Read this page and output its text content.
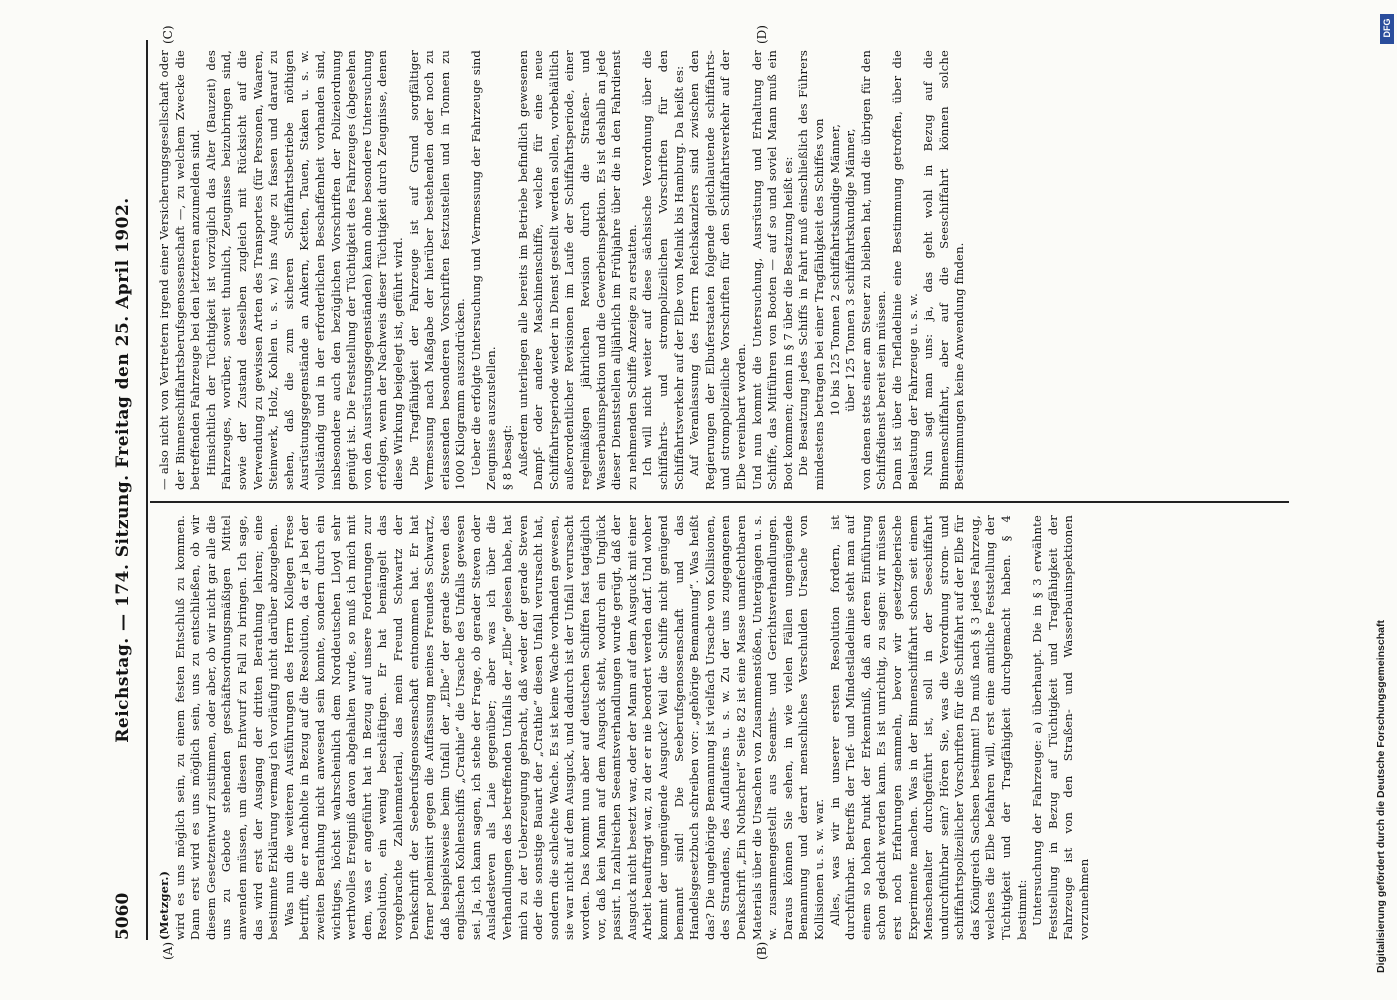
5060
Reichstag. — 174. Sitzung. Freitag den 25. April 1902.
(A)	(B)
(C)	(D)

(Metzger.) wird es uns möglich sein, zu einem festen Entschluß zu kommen. Dann erst wird es uns möglich sein, uns zu entschließen, ob wir diesem Gesetzentwurf zustimmen, oder aber, ob wir nicht gar alle die uns zu Gebote stehenden geschäftsordnungsmäßigen Mittel anwenden müssen, um diesen Entwurf zu Fall zu bringen. Ich sage, das wird erst der Ausgang der dritten Berathung lehren; eine bestimmte Erklärung vermag ich vorläufig nicht darüber abzugeben. Was nun die weiteren Ausführungen des Herrn Kollegen Frese betrifft, die er nachholte in Bezug auf die Resolution, da er ja bei der zweiten Berathung nicht anwesend sein konnte, sondern durch ein wichtiges, höchst wahrscheinlich dem Norddeutschen Lloyd sehr werthvolles Ereigniß davon abgehalten wurde, so muß ich mich mit dem, was er angeführt hat in Bezug auf unsere Forderungen zur Resolution, ein wenig beschäftigen. Er hat bemängelt das vorgebrachte Zahlenmaterial, das mein Freund Schwartz der Denkschrift der Seeberufsgenossenschaft entnommen hat. Er hat ferner polemisirt gegen die Auffassung meines Freundes Schwartz, daß beispielsweise beim Unfall der „Elbe“ der gerade Steven des englischen Kohlenschiffs „Crathie“ die Ursache des Unfalls gewesen sei. Ja, ich kann sagen, ich stehe der Frage, ob gerader Steven oder Ausladesteven als Laie gegenüber; aber was ich über die Verhandlungen des betreffenden Unfalls der „Elbe“ gelesen habe, hat mich zu der Ueberzeugung gebracht, daß weder der gerade Steven oder die sonstige Bauart der „Crathie“ diesen Unfall verursacht hat, sondern die schlechte Wache. Es ist keine Wache vorhanden gewesen, sie war nicht auf dem Ausguck, und dadurch ist der Unfall verursacht worden. Das kommt nun aber auf deutschen Schiffen fast tagtäglich vor, daß kein Mann auf dem Ausguck steht, wodurch ein Unglück passirt. In zahlreichen Seeamtsverhandlungen wurde gerügt, daß der Ausguck nicht besetzt war, oder der Mann auf dem Ausguck mit einer Arbeit beauftragt war, zu der er nie beordert werden darf. Und woher kommt der ungenügende Ausguck? Weil die Schiffe nicht genügend bemannt sind! Die Seeberufsgenossenschaft und das Handelsgesetzbuch schreiben vor: „gehörige Bemannung“. Was heißt das? Die ungehörige Bemannung ist vielfach Ursache von Kollisionen, des Strandens, des Auflaufens u. s. w. Zu der uns zugegangenen Denkschrift „Ein Nothschrei“ Seite 82 ist eine Masse unanfechtbaren Materials über die Ursachen von Zusammenstößen, Untergängen u. s. w. zusammengestellt aus Seeamts- und Gerichtsverhandlungen. Daraus können Sie sehen, in wie vielen Fällen ungenügende Bemannung und derart menschliches Verschulden Ursache von Kollisionen u. s. w. war. Alles, was wir in unserer ersten Resolution fordern, ist durchführbar. Betreffs der Tief- und Mindestladelinie steht man auf einem so hohen Punkt der Erkenntniß, daß an deren Einführung schon gedacht werden kann. Es ist unrichtig, zu sagen: wir müssen erst noch Erfahrungen sammeln, bevor wir gesetzgeberische Experimente machen. Was in der Binnenschiffahrt schon seit einem Menschenalter durchgeführt ist, soll in der Seeschiffahrt undurchführbar sein? Hören Sie, was die Verordnung strom- und schiffahrtspolizeilicher Vorschriften für die Schiffahrt auf der Elbe für das Königreich Sachsen bestimmt! Da muß nach § 3 jedes Fahrzeug, welches die Elbe befahren will, erst eine amtliche Feststellung der Tüchtigkeit und der Tragfähigkeit durchgemacht haben. § 4 bestimmt: Untersuchung der Fahrzeuge: a) überhaupt. Die in § 3 erwähnte Feststellung in Bezug auf Tüchtigkeit und Tragfähigkeit der Fahrzeuge ist von den Straßen- und Wasserbauinspektionen vorzunehmen

— also nicht von Vertretern irgend einer Versicherungsgesellschaft oder der Binnenschiffahrtsberufsgenossenschaft —, zu welchem Zwecke die betreffenden Fahrzeuge bei den letzteren anzumelden sind. Hinsichtlich der Tüchtigkeit ist vorzüglich das Alter (Bauzeit) des Fahrzeuges, worüber, soweit thunlich, Zeugnisse beizubringen sind, sowie der Zustand desselben zugleich mit Rücksicht auf die Verwendung zu gewissen Arten des Transportes (für Personen, Waaren, Steinwerk, Holz, Kohlen u. s. w.) ins Auge zu fassen und darauf zu sehen, daß die zum sicheren Schiffahrtsbetriebe nöthigen Ausrüstungsgegenstände an Ankern, Ketten, Tauen, Staken u. s. w. vollständig und in der erforderlichen Beschaffenheit vorhanden sind, insbesondere auch den bezüglichen Vorschriften der Polizeiordnung genügt ist. Die Feststellung der Tüchtigkeit des Fahrzeuges (abgesehen von den Ausrüstungsgegenständen) kann ohne besondere Untersuchung erfolgen, wenn der Nachweis dieser Tüchtigkeit durch Zeugnisse, denen diese Wirkung beigelegt ist, geführt wird. Die Tragfähigkeit der Fahrzeuge ist auf Grund sorgfältiger Vermessung nach Maßgabe der hierüber bestehenden oder noch zu erlassenden besonderen Vorschriften festzustellen und in Tonnen zu 1000 Kilogramm auszudrücken. Ueber die erfolgte Untersuchung und Vermessung der Fahrzeuge sind Zeugnisse auszustellen. § 8 besagt: Außerdem unterliegen alle bereits im Betriebe befindlich gewesenen Dampf- oder andere Maschinenschiffe, welche für eine neue Schiffahrtsperiode wieder in Dienst gestellt werden sollen, vorbehältlich außerordentlicher Revisionen im Laufe der Schiffahrtsperiode, einer regelmäßigen jährlichen Revision durch die Straßen- und Wasserbauinspektion und die Gewerbeinspektion. Es ist deshalb an jede dieser Dienststellen alljährlich im Frühjahre über die in den Fahrdienst zu nehmenden Schiffe Anzeige zu erstatten. Ich will nicht weiter auf diese sächsische Verordnung über die schiffahrts- und strompolizeilichen Vorschriften für den Schiffahrtsverkehr auf der Elbe von Melnik bis Hamburg. Da heißt es: Auf Veranlassung des Herrn Reichskanzlers sind zwischen den Regierungen der Elbuferstaaten folgende gleichlautende schiffahrts- und strompolizeiliche Vorschriften für den Schiffahrtsverkehr auf der Elbe vereinbart worden. Und nun kommt die Untersuchung, Ausrüstung und Erhaltung der Schiffe, das Mitführen von Booten — auf so und soviel Mann muß ein Boot kommen; denn in § 7 über die Besatzung heißt es: Die Besatzung jedes Schiffs in Fahrt muß einschließlich des Führers mindestens betragen bei einer Tragfähigkeit des Schiffes von 10 bis 125 Tonnen 2 schiffahrtskundige Männer, über 125 Tonnen 3 schiffahrtskundige Männer, von denen stets einer am Steuer zu bleiben hat, und die übrigen für den Schiffsdienst bereit sein müssen. Dann ist über die Tiefladelinie eine Bestimmung getroffen, über die Belastung der Fahrzeuge u. s. w. Nun sagt man uns: ja, das geht wohl in Bezug auf die Binnenschiffahrt, aber auf die Seeschiffahrt können solche Bestimmungen keine Anwendung finden.

DFG
Digitalisierung gefördert durch die Deutsche Forschungsgemeinschaft
